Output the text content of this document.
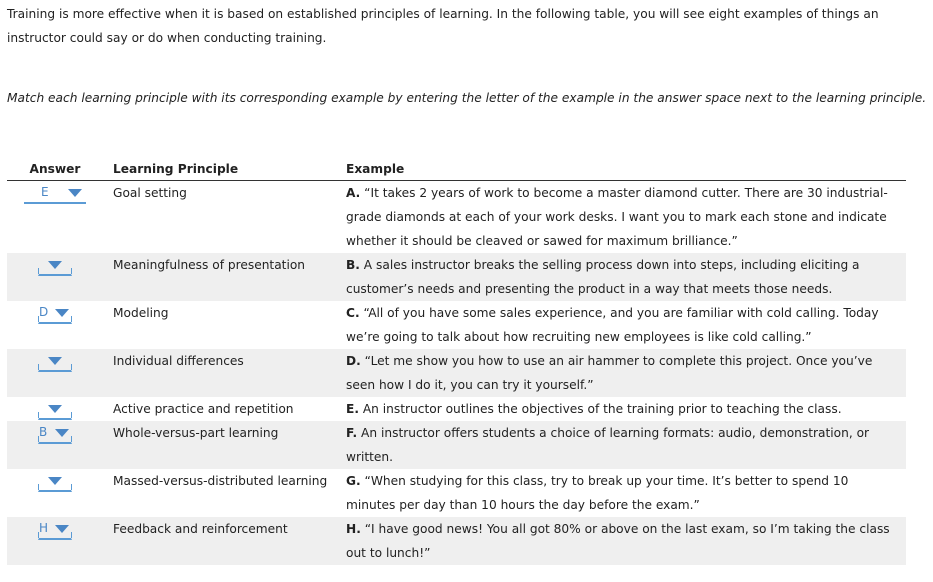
Training is more effective when it is based on established principles of learning. In the following table, you will see eight examples of things an instructor could say or do when conducting training.

Match each learning principle with its corresponding example by entering the letter of the example in the answer space next to the learning principle.

Answer	Learning Principle	Example

E	Goal setting	A. “It takes 2 years of work to become a master diamond cutter. There are 30 industrial-grade diamonds at each of your work desks. I want you to mark each stone and indicate whether it should be cleaved or sawed for maximum brilliance.”

	Meaningfulness of presentation	B. A sales instructor breaks the selling process down into steps, including eliciting a customer’s needs and presenting the product in a way that meets those needs.

D	Modeling	C. “All of you have some sales experience, and you are familiar with cold calling. Today we’re going to talk about how recruiting new employees is like cold calling.”

	Individual differences	D. “Let me show you how to use an air hammer to complete this project. Once you’ve seen how I do it, you can try it yourself.”

	Active practice and repetition	E. An instructor outlines the objectives of the training prior to teaching the class.

B	Whole-versus-part learning	F. An instructor offers students a choice of learning formats: audio, demonstration, or written.

	Massed-versus-distributed learning	G. “When studying for this class, try to break up your time. It’s better to spend 10 minutes per day than 10 hours the day before the exam.”

H	Feedback and reinforcement	H. “I have good news! You all got 80% or above on the last exam, so I’m taking the class out to lunch!”
